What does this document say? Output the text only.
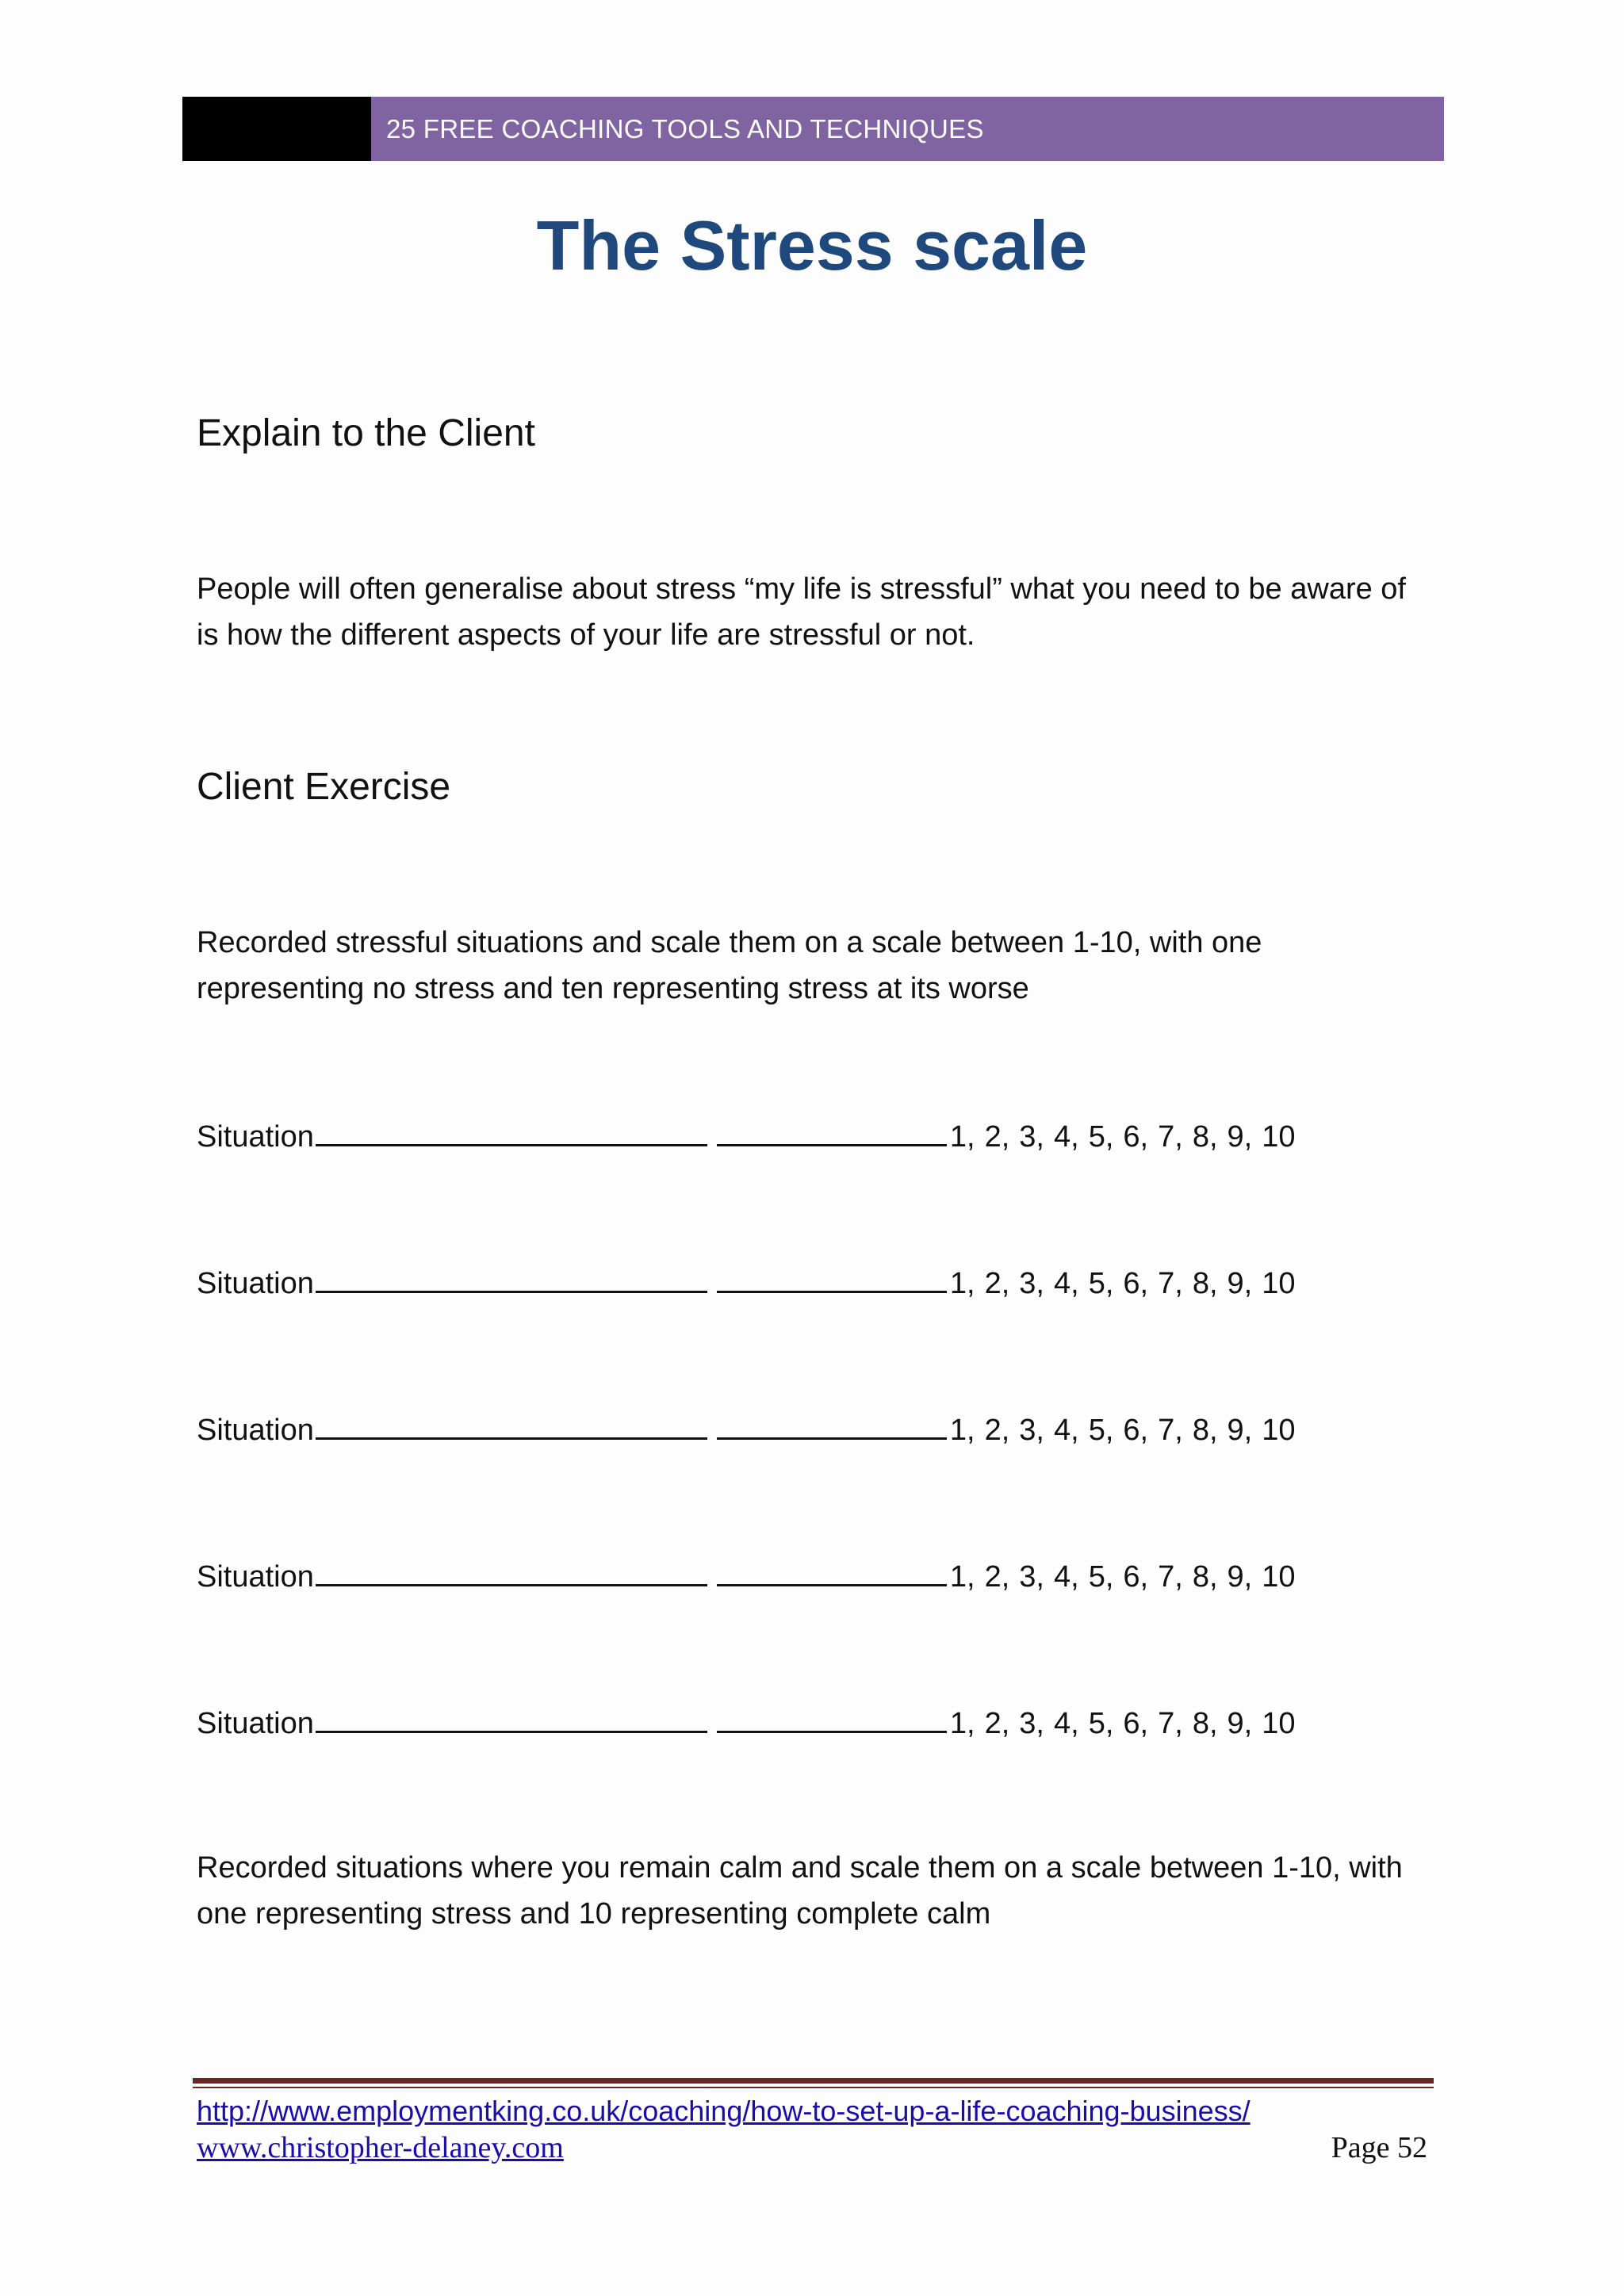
25 FREE COACHING TOOLS AND TECHNIQUES
The Stress scale
Explain to the Client
People will often generalise about stress “my life is stressful” what you need to be aware of
is how the different aspects of your life are stressful or not.
Client Exercise
Recorded stressful situations and scale them on a scale between 1-10, with one
representing no stress and ten representing stress at its worse
Situation	1, 2, 3, 4, 5, 6, 7, 8, 9, 10
Situation	1, 2, 3, 4, 5, 6, 7, 8, 9, 10
Situation	1, 2, 3, 4, 5, 6, 7, 8, 9, 10
Situation	1, 2, 3, 4, 5, 6, 7, 8, 9, 10
Situation	1, 2, 3, 4, 5, 6, 7, 8, 9, 10
Recorded situations where you remain calm and scale them on a scale between 1-10, with
one representing stress and 10 representing complete calm
http://www.employmentking.co.uk/coaching/how-to-set-up-a-life-coaching-business/
www.christopher-delaney.com	Page 52
